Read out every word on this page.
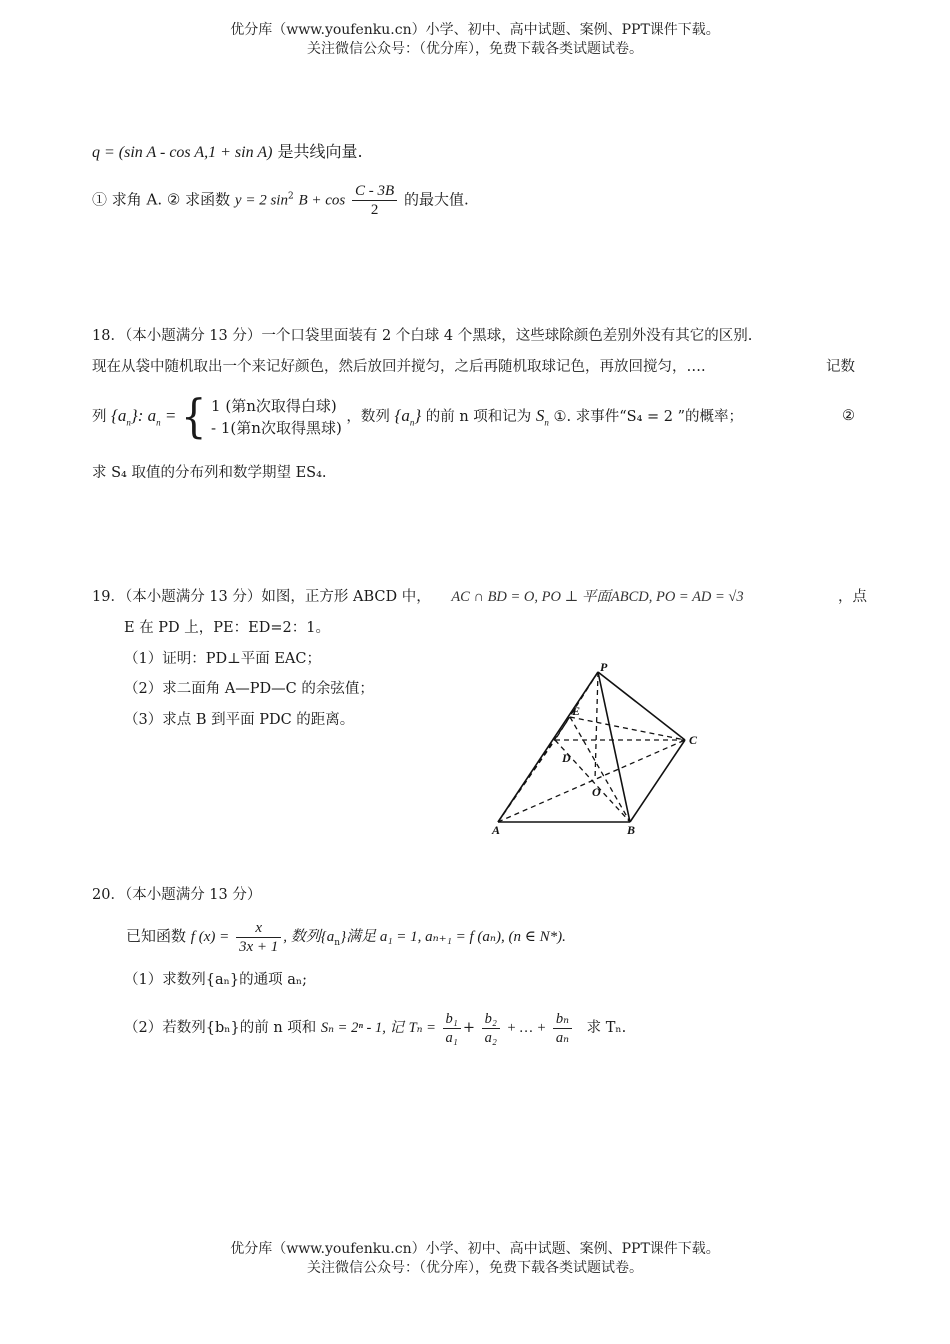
优分库（www.youfenku.cn）小学、初中、高中试题、案例、PPT课件下载。
关注微信公众号：（优分库），免费下载各类试题试卷。
q = (sin A - cos A,1 + sin A) 是共线向量.
① 求角 A. ② 求函数 y = 2 $\sin^2 B + \cos \frac{C - 3B}{2}$ 的最大值.
18．（本小题满分 13 分）一个口袋里面装有 2 个白球 4 个黑球，这些球除颜色差别外没有其它的区别.
现在从袋中随机取出一个来记好颜色，然后放回并搅匀，之后再随机取球记色，再放回搅匀，….	记数
列 $\{a_n\}$: $a_n$ = { 1 (第n次取得白球)
- 1(第n次取得黑球)
，数列 $\{a_n\}$ 的前 n 项和记为 $S_n$ ①. 求事件“S₄ = 2 ”的概率；	②
求 S₄ 取值的分布列和数学期望 ES₄.
19．（本小题满分 13 分）如图，正方形 ABCD 中， AC ∩ BD = O, PO ⊥ 平面ABCD, PO = AD = √3	，点
E 在 PD 上，PE：ED=2：1。
（1）证明：PD⊥平面 EAC；
（2）求二面角 A—PD—C 的余弦值；
（3）求点 B 到平面 PDC 的距离。
P
E
C
D
O
A	B
20．（本小题满分 13 分）
已知函数 f $(x) = \frac{x}{3x + 1}$ , 数列$\{a_n\}$满足 a₁ = 1, aₙ₊₁ = f (aₙ), (n ∈ N*).
（1）求数列{aₙ}的通项 aₙ;
（2）若数列{bₙ}的前 n 项和 Sₙ = 2ⁿ - 1, 记 $T_n = \frac{\text{b₁}}{\text{a₁}} + \frac{\text{b₂}}{\text{a₂}}$ + … + $\frac{\text{bₙ}}{\text{aₙ}}$ 求 Tₙ.
优分库（www.youfenku.cn）小学、初中、高中试题、案例、PPT课件下载。
关注微信公众号：（优分库），免费下载各类试题试卷。
